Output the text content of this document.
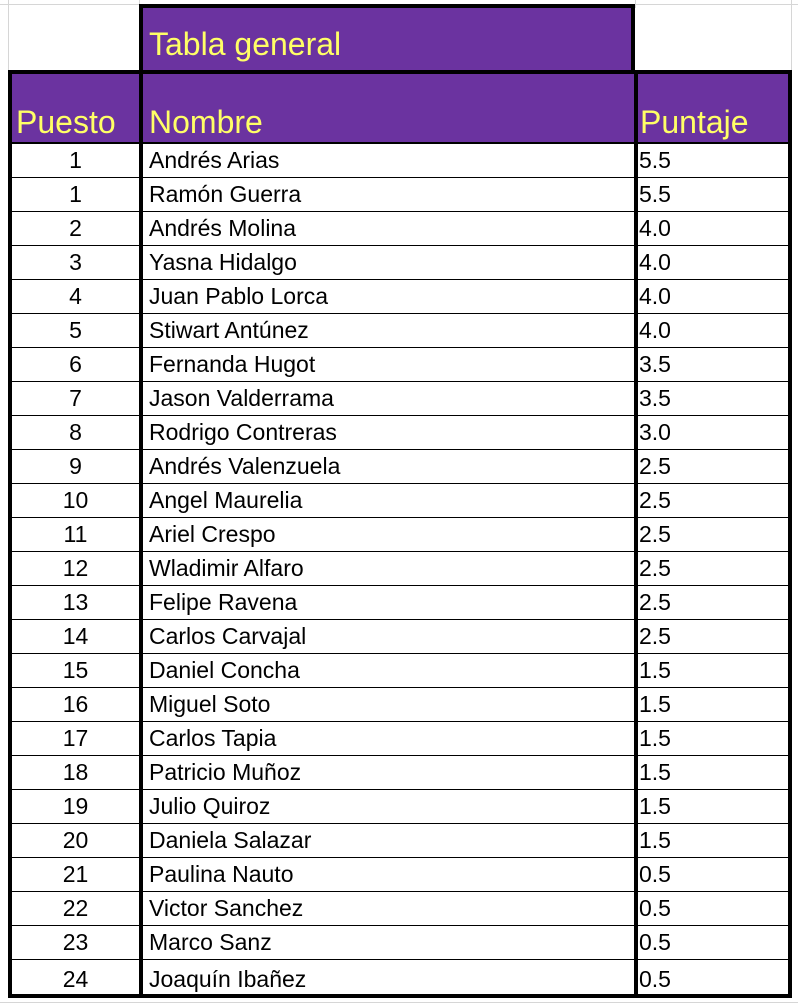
Tabla general
Puesto	Nombre	Puntaje
1	Andrés Arias	5.5
1	Ramón Guerra	5.5
2	Andrés Molina	4.0
3	Yasna Hidalgo	4.0
4	Juan Pablo Lorca	4.0
5	Stiwart Antúnez	4.0
6	Fernanda Hugot	3.5
7	Jason Valderrama	3.5
8	Rodrigo Contreras	3.0
9	Andrés Valenzuela	2.5
10	Angel Maurelia	2.5
11	Ariel Crespo	2.5
12	Wladimir Alfaro	2.5
13	Felipe Ravena	2.5
14	Carlos Carvajal	2.5
15	Daniel Concha	1.5
16	Miguel Soto	1.5
17	Carlos Tapia	1.5
18	Patricio Muñoz	1.5
19	Julio Quiroz	1.5
20	Daniela Salazar	1.5
21	Paulina Nauto	0.5
22	Victor Sanchez	0.5
23	Marco Sanz	0.5
24	Joaquín Ibañez	0.5
